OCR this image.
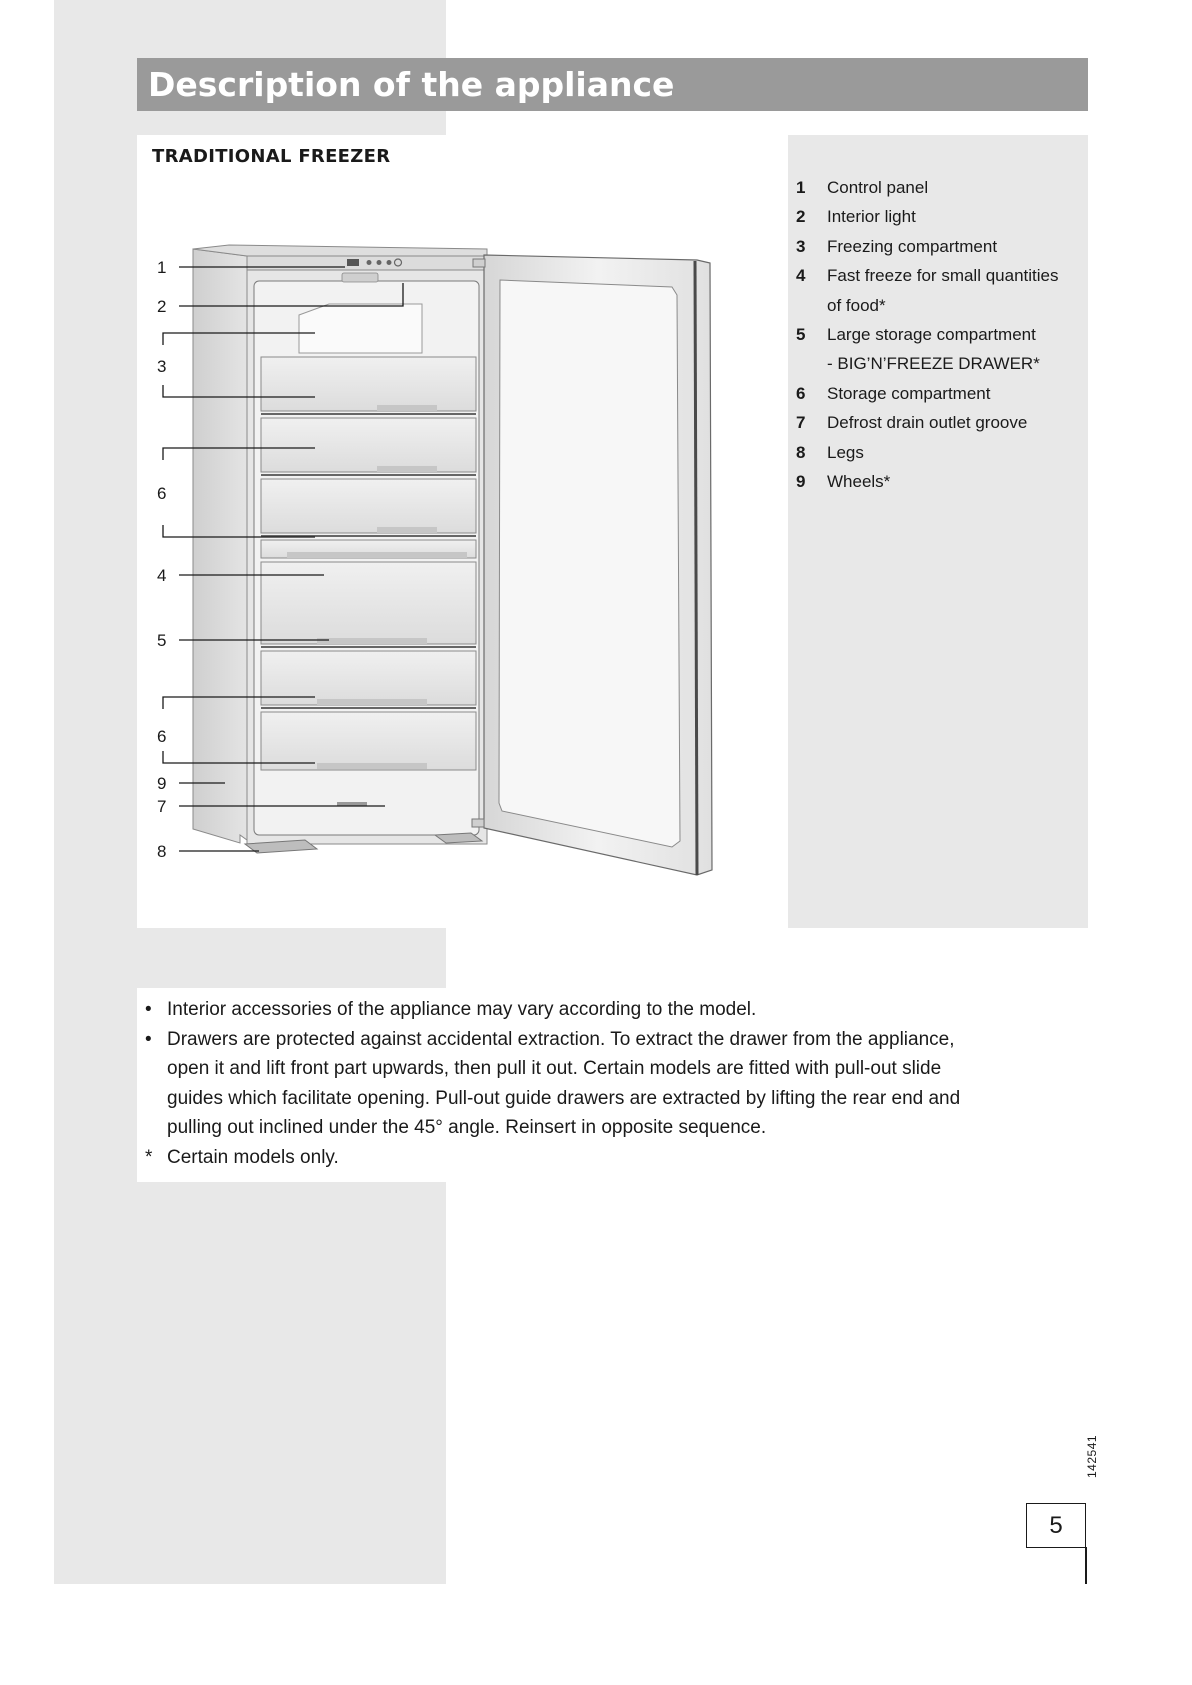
Description of the appliance
TRADITIONAL FREEZER
1
2
3
6
4
5
6
9
7
8
1 Control panel
2 Interior light
3 Freezing compartment
4 Fast freeze for small quantities
of food*
5 Large storage compartment
- BIG’N’FREEZE DRAWER*
6 Storage compartment
7 Defrost drain outlet groove
8 Legs
9 Wheels*
• Interior accessories of the appliance may vary according to the model.
• Drawers are protected against accidental extraction. To extract the drawer from the appliance,
open it and lift front part upwards, then pull it out. Certain models are fitted with pull-out slide
guides which facilitate opening. Pull-out guide drawers are extracted by lifting the rear end and
pulling out inclined under the 45° angle. Reinsert in opposite sequence.
* Certain models only.
142541
5
